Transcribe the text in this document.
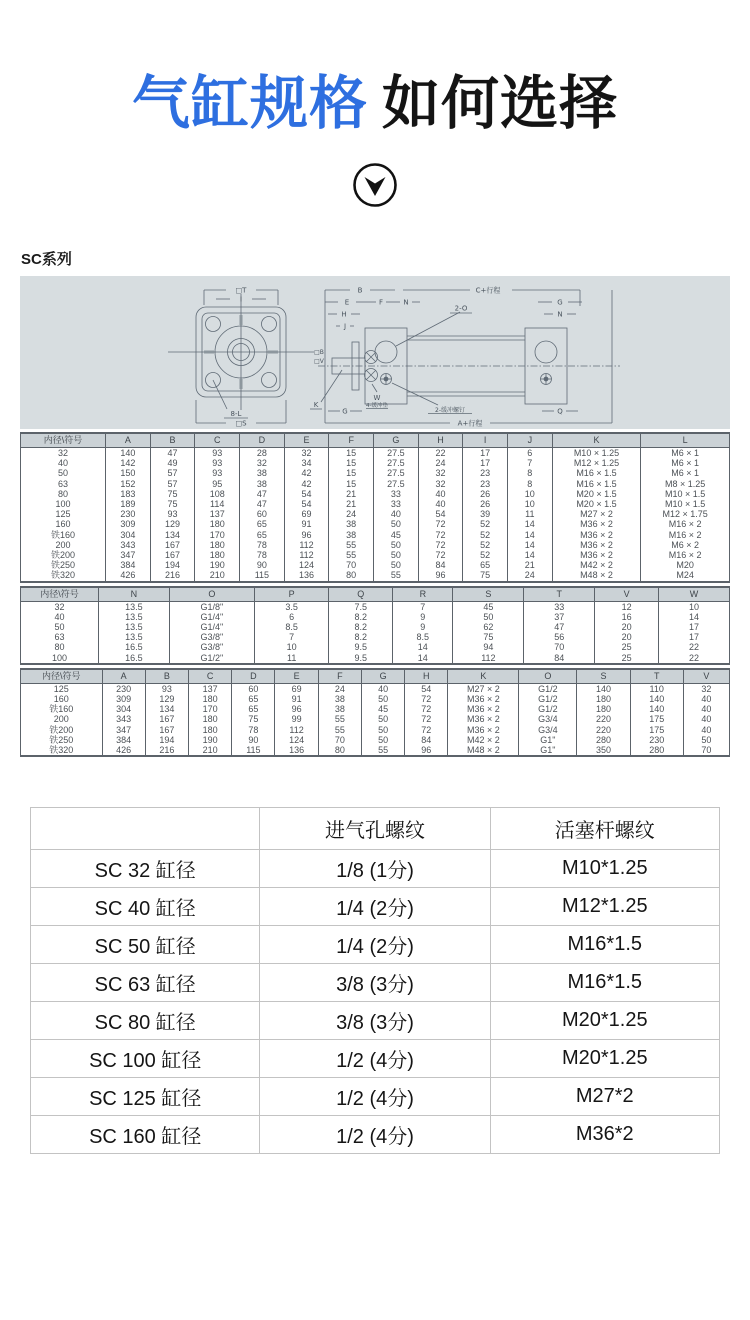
气缸规格 如何选择
SC系列
□T
I
8-L
□S
B
E	F	N
H
J
□B
□V
K
W
4-缓冲垫
C+行程
2-O
G
N
2-缓冲螺钉
A+行程
G	Q
内径\符号	A	B	C	D	E	F	G	H	I	J	K	L
32	140	47	93	28	32	15	27.5	22	17	6	M10 × 1.25	M6 × 1
40	142	49	93	32	34	15	27.5	24	17	7	M12 × 1.25	M6 × 1
50	150	57	93	38	42	15	27.5	32	23	8	M16 × 1.5	M6 × 1
63	152	57	95	38	42	15	27.5	32	23	8	M16 × 1.5	M8 × 1.25
80	183	75	108	47	54	21	33	40	26	10	M20 × 1.5	M10 × 1.5
100	189	75	114	47	54	21	33	40	26	10	M20 × 1.5	M10 × 1.5
125	230	93	137	60	69	24	40	54	39	11	M27 × 2	M12 × 1.75
160	309	129	180	65	91	38	50	72	52	14	M36 × 2	M16 × 2
铁160	304	134	170	65	96	38	45	72	52	14	M36 × 2	M16 × 2
200	343	167	180	78	112	55	50	72	52	14	M36 × 2	M6 × 2
铁200	347	167	180	78	112	55	50	72	52	14	M36 × 2	M16 × 2
铁250	384	194	190	90	124	70	50	84	65	21	M42 × 2	M20
铁320	426	216	210	115	136	80	55	96	75	24	M48 × 2	M24
内径\符号	N	O	P	Q	R	S	T	V	W
32	13.5	G1/8"	3.5	7.5	7	45	33	12	10
40	13.5	G1/4"	6	8.2	9	50	37	16	14
50	13.5	G1/4"	8.5	8.2	9	62	47	20	17
63	13.5	G3/8"	7	8.2	8.5	75	56	20	17
80	16.5	G3/8"	10	9.5	14	94	70	25	22
100	16.5	G1/2"	11	9.5	14	112	84	25	22
内径\符号	A	B	C	D	E	F	G	H	K	O	S	T	V
125	230	93	137	60	69	24	40	54	M27 × 2	G1/2	140	110	32
160	309	129	180	65	91	38	50	72	M36 × 2	G1/2	180	140	40
铁160	304	134	170	65	96	38	45	72	M36 × 2	G1/2	180	140	40
200	343	167	180	75	99	55	50	72	M36 × 2	G3/4	220	175	40
铁200	347	167	180	78	112	55	50	72	M36 × 2	G3/4	220	175	40
铁250	384	194	190	90	124	70	50	84	M42 × 2	G1"	280	230	50
铁320	426	216	210	115	136	80	55	96	M48 × 2	G1"	350	280	70
	进气孔螺纹	活塞杆螺纹
SC 32 缸径	1/8 (1分)	M10*1.25
SC 40 缸径	1/4 (2分)	M12*1.25
SC 50 缸径	1/4 (2分)	M16*1.5
SC 63 缸径	3/8 (3分)	M16*1.5
SC 80 缸径	3/8 (3分)	M20*1.25
SC 100 缸径	1/2 (4分)	M20*1.25
SC 125 缸径	1/2 (4分)	M27*2
SC 160 缸径	1/2 (4分)	M36*2
